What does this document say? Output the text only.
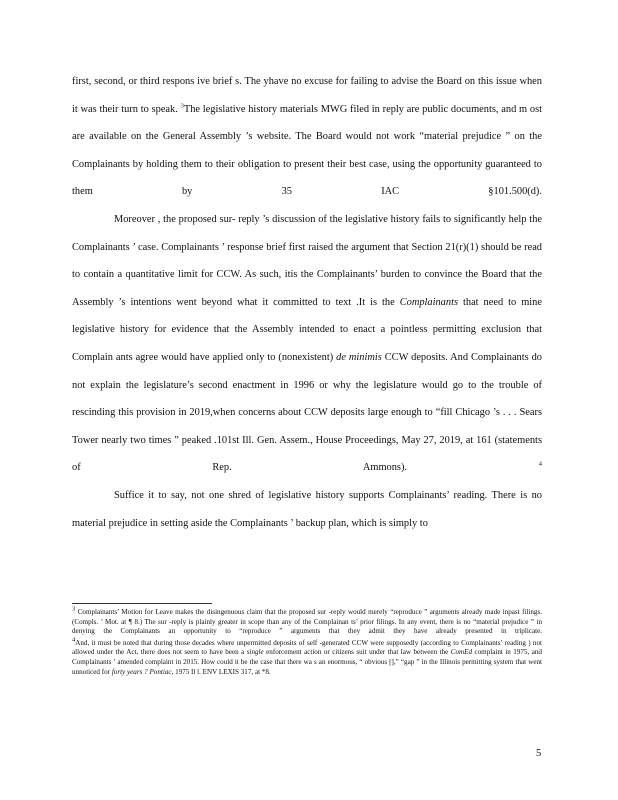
first, second, or third respons ive brief s. The yhave no excuse for failing to advise the Board on this issue when it was their turn to speak. $^3$The legislative history materials MWG filed in reply are public documents, and m ost are available on the General Assembly ’s website. The Board would not work “material prejudice ” on the Complainants by holding them to their obligation to present their best case, using the opportunity guaranteed to them by 35 IAC §101.500(d).

Moreover , the proposed sur- reply ’s discussion of the legislative history fails to significantly help the Complainants ’ case. Complainants ’ response brief first raised the argument that Section 21(r)(1) should be read to contain a quantitative limit for CCW. As such, itis the Complainants’ burden to convince the Board that the Assembly ’s intentions went beyond what it committed to text .It is the Complainants that need to mine legislative history for evidence that the Assembly intended to enact a pointless permitting exclusion that Complain ants agree would have applied only to (nonexistent) de minimis CCW deposits. And Complainants do not explain the legislature’s second enactment in 1996 or why the legislature would go to the trouble of rescinding this provision in 2019,when concerns about CCW deposits large enough to “fill Chicago ’s . . . Sears Tower nearly two times ” peaked .101st Ill. Gen. Assem., House Proceedings, May 27, 2019, at 161 (statements of Rep. Ammons).	$^4$

Suffice it to say, not one shred of legislative history supports Complainants’ reading. There is no material prejudice in setting aside the Complainants ’ backup plan, which is simply to

3 Complainants’ Motion for Leave makes the disingenuous claim that the proposed sur -reply would merely “reproduce ” arguments already made inpast filings. (Compls. ’ Mot. at ¶ 8.) The sur -reply is plainly greater in scope than any of the Complainan ts’ prior filings. In any event, there is no “material prejudice ” in denying the Complainants an opportunity to “reproduce ” arguments that they admit they have already presented in triplicate.

4And, it must be noted that during those decades where unpermitted deposits of self -generated CCW were supposedly (according to Complainants’ reading ) not allowed under the Act, there does not seem to have been a single enforcement action or citizens suit under that law between the ComEd complaint in 1975, and Complainants ’ amended complaint in 2015. How could it be the case that there wa s an enormous, “ obvious [],” “gap ” in the Illinois permitting system that went unnoticed for forty years ? Pontiac, 1975 Il l. ENV LEXIS 317, at *8.

5
